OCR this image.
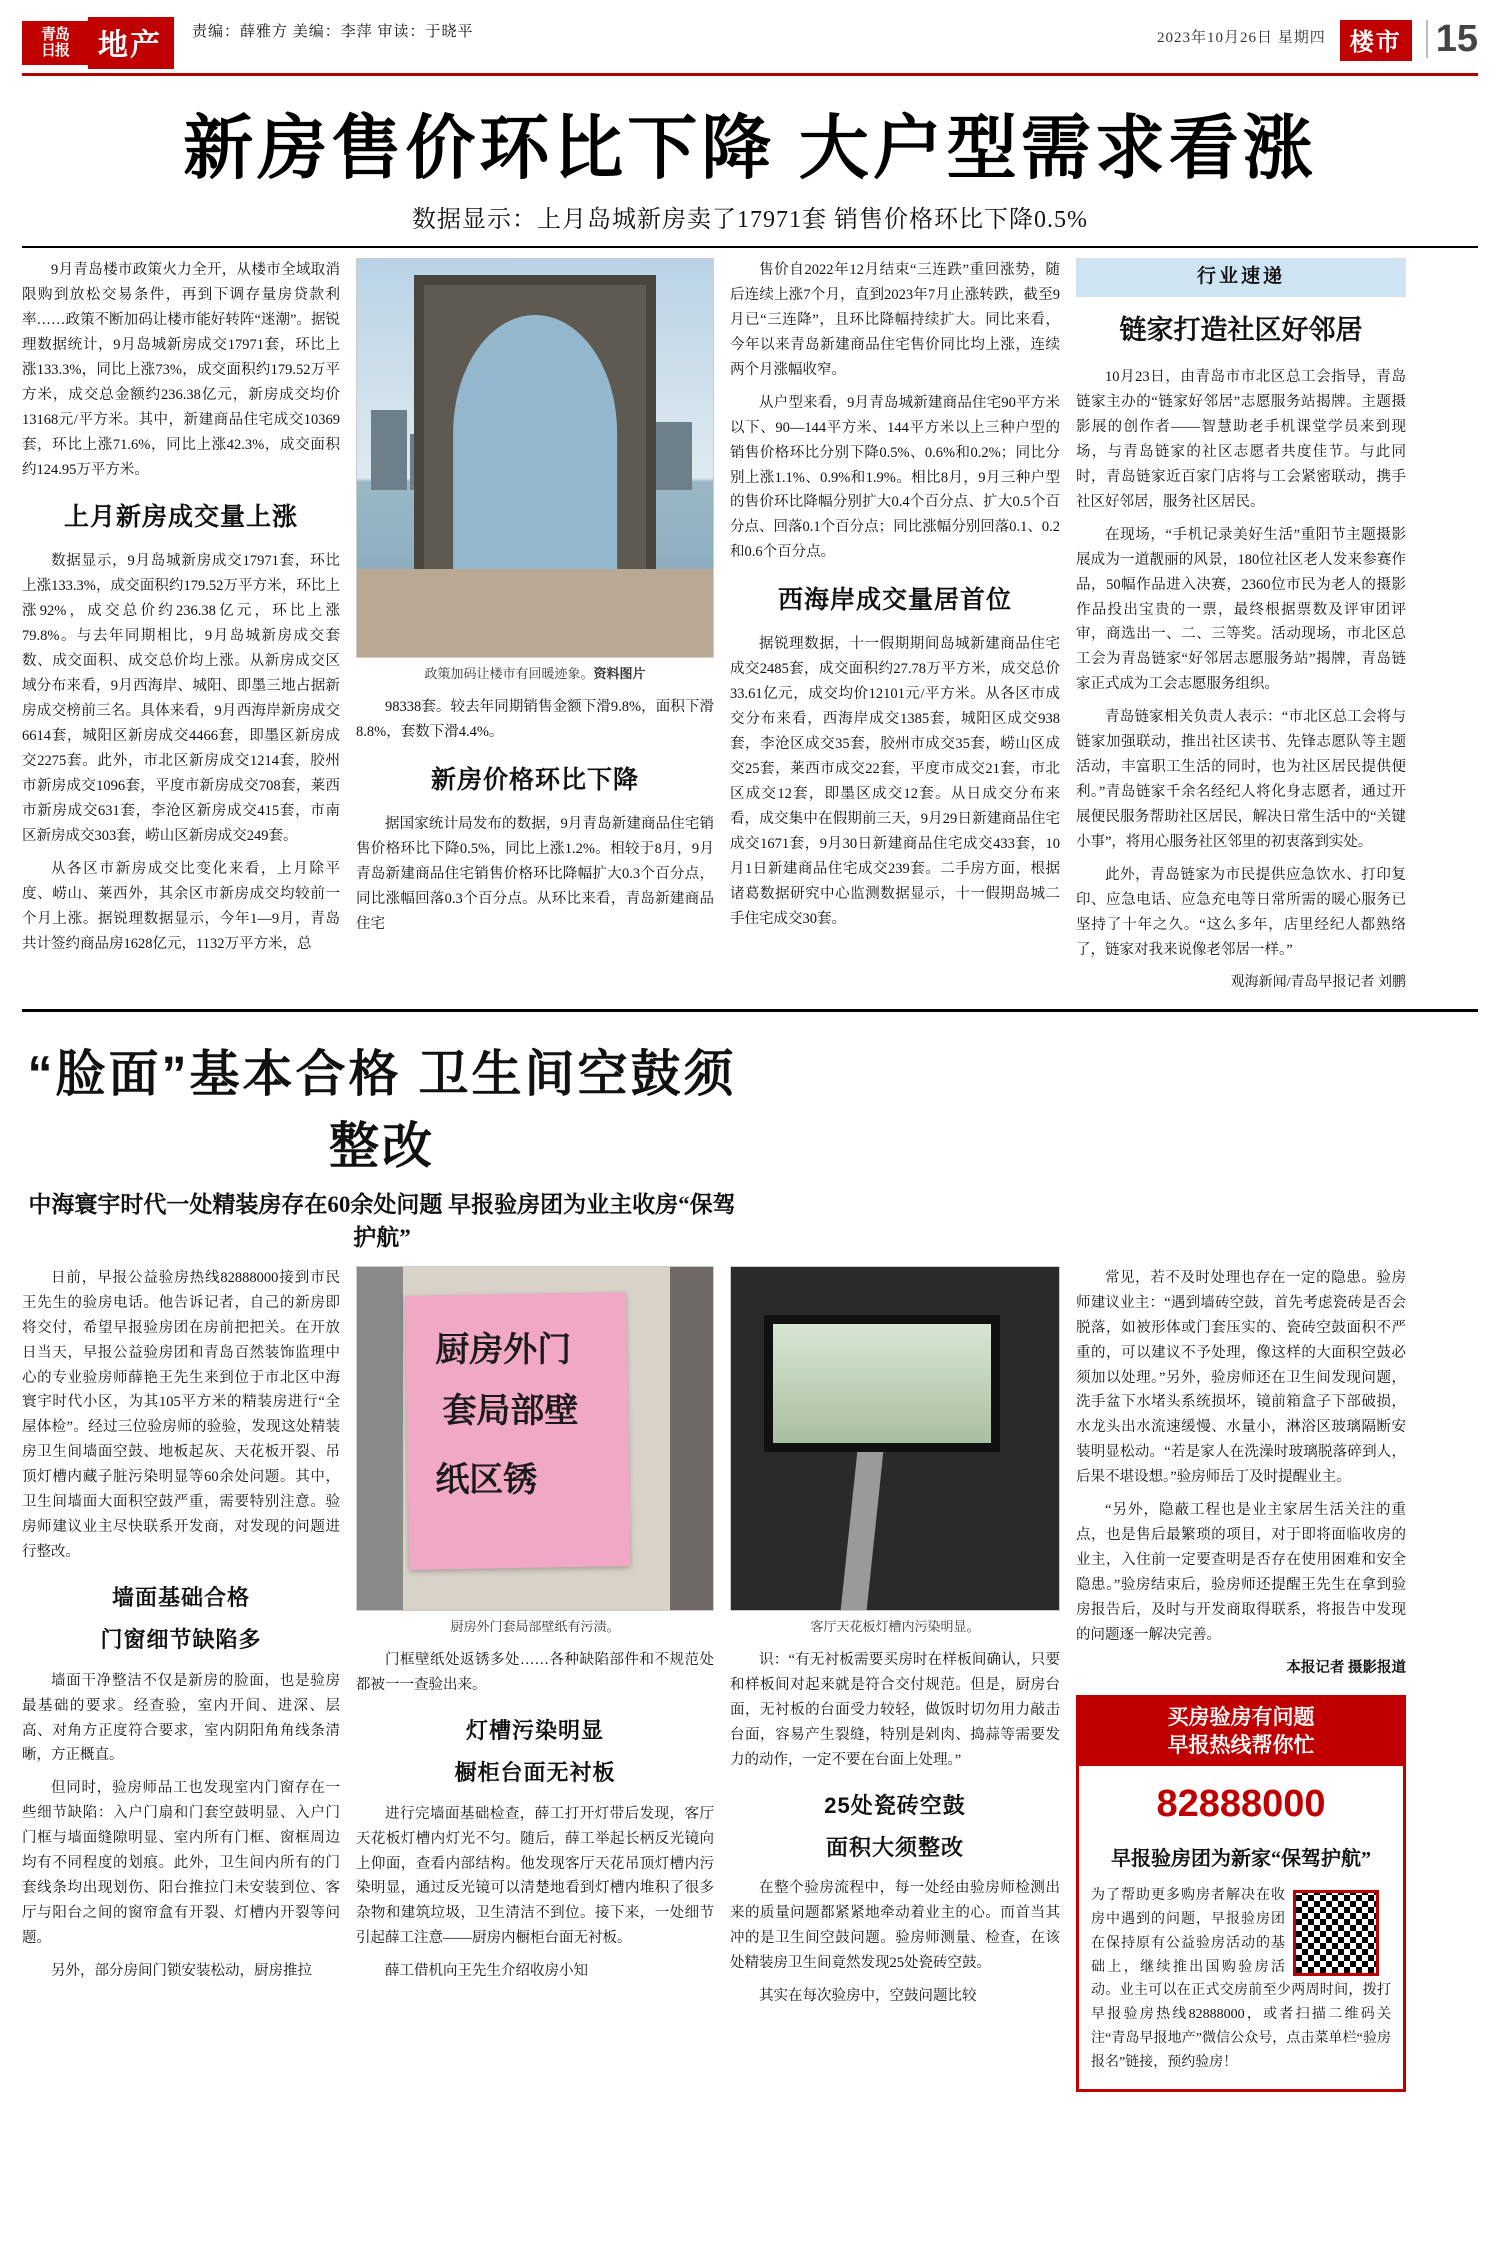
青岛
日报 地产	责编：薛雅方 美编：李萍 审读：于晓平	2023年10月26日 星期四	楼市 15
新房售价环比下降 大户型需求看涨
数据显示：上月岛城新房卖了17971套 销售价格环比下降0.5%

9月青岛楼市政策火力全开，从楼市全域取消限购到放松交易条件，再到下调存量房贷款利率……政策不断加码让楼市能好转阵“迷潮”。据锐理数据统计，9月岛城新房成交17971套，环比上涨133.3%，同比上涨73%，成交面积约179.52万平方米，成交总金额约236.38亿元，新房成交均价13168元/平方米。其中，新建商品住宅成交10369套，环比上涨71.6%，同比上涨42.3%，成交面积约124.95万平方米。

上月新房成交量上涨

数据显示，9月岛城新房成交17971套，环比上涨133.3%，成交面积约179.52万平方米，环比上涨92%，成交总价约236.38亿元，环比上涨79.8%。与去年同期相比，9月岛城新房成交套数、成交面积、成交总价均上涨。从新房成交区域分布来看，9月西海岸、城阳、即墨三地占据新房成交榜前三名。具体来看，9月西海岸新房成交6614套，城阳区新房成交4466套，即墨区新房成交2275套。此外，市北区新房成交1214套，胶州市新房成交1096套，平度市新房成交708套，莱西市新房成交631套，李沧区新房成交415套，市南区新房成交303套，崂山区新房成交249套。

从各区市新房成交比变化来看，上月除平度、崂山、莱西外，其余区市新房成交均较前一个月上涨。据锐理数据显示，今年1—9月，青岛共计签约商品房1628亿元，1132万平方米，总

政策加码让楼市有回暖迹象。资料图片

98338套。较去年同期销售金额下滑9.8%，面积下滑8.8%，套数下滑4.4%。

新房价格环比下降

据国家统计局发布的数据，9月青岛新建商品住宅销售价格环比下降0.5%，同比上涨1.2%。相较于8月，9月青岛新建商品住宅销售价格环比降幅扩大0.3个百分点，同比涨幅回落0.3个百分点。从环比来看，青岛新建商品住宅

售价自2022年12月结束“三连跌”重回涨势，随后连续上涨7个月，直到2023年7月止涨转跌，截至9月已“三连降”，且环比降幅持续扩大。同比来看，今年以来青岛新建商品住宅售价同比均上涨，连续两个月涨幅收窄。

从户型来看，9月青岛城新建商品住宅90平方米以下、90—144平方米、144平方米以上三种户型的销售价格环比分别下降0.5%、0.6%和0.2%；同比分别上涨1.1%、0.9%和1.9%。相比8月，9月三种户型的售价环比降幅分别扩大0.4个百分点、扩大0.5个百分点、回落0.1个百分点；同比涨幅分别回落0.1、0.2和0.6个百分点。

西海岸成交量居首位

据锐理数据，十一假期期间岛城新建商品住宅成交2485套，成交面积约27.78万平方米，成交总价33.61亿元，成交均价12101元/平方米。从各区市成交分布来看，西海岸成交1385套，城阳区成交938套，李沧区成交35套，胶州市成交35套，崂山区成交25套，莱西市成交22套，平度市成交21套，市北区成交12套，即墨区成交12套。从日成交分布来看，成交集中在假期前三天，9月29日新建商品住宅成交1671套，9月30日新建商品住宅成交433套，10月1日新建商品住宅成交239套。二手房方面，根据诸葛数据研究中心监测数据显示，十一假期岛城二手住宅成交30套。

行业速递
链家打造社区好邻居

10月23日，由青岛市市北区总工会指导，青岛链家主办的“链家好邻居”志愿服务站揭牌。主题摄影展的创作者——智慧助老手机课堂学员来到现场，与青岛链家的社区志愿者共度佳节。与此同时，青岛链家近百家门店将与工会紧密联动，携手社区好邻居，服务社区居民。

在现场，“手机记录美好生活”重阳节主题摄影展成为一道靓丽的风景，180位社区老人发来参赛作品，50幅作品进入决赛，2360位市民为老人的摄影作品投出宝贵的一票，最终根据票数及评审团评审，商选出一、二、三等奖。活动现场，市北区总工会为青岛链家“好邻居志愿服务站”揭牌，青岛链家正式成为工会志愿服务组织。

青岛链家相关负责人表示：“市北区总工会将与链家加强联动，推出社区读书、先锋志愿队等主题活动，丰富职工生活的同时，也为社区居民提供便利。”青岛链家千余名经纪人将化身志愿者，通过开展便民服务帮助社区居民，解决日常生活中的“关键小事”，将用心服务社区邻里的初衷落到实处。

此外，青岛链家为市民提供应急饮水、打印复印、应急电话、应急充电等日常所需的暖心服务已坚持了十年之久。“这么多年，店里经纪人都熟络了，链家对我来说像老邻居一样。”

观海新闻/青岛早报记者 刘鹏
“脸面”基本合格 卫生间空鼓须整改
中海寰宇时代一处精装房存在60余处问题 早报验房团为业主收房“保驾护航”

日前，早报公益验房热线82888000接到市民王先生的验房电话。他告诉记者，自己的新房即将交付，希望早报验房团在房前把把关。在开放日当天，早报公益验房团和青岛百然装饰监理中心的专业验房师薛艳王先生来到位于市北区中海寰宇时代小区，为其105平方米的精装房进行“全屋体检”。经过三位验房师的验验，发现这处精装房卫生间墙面空鼓、地板起灰、天花板开裂、吊顶灯槽内藏子脏污染明显等60余处问题。其中，卫生间墙面大面积空鼓严重，需要特别注意。验房师建议业主尽快联系开发商，对发现的问题进行整改。

墙面基础合格
门窗细节缺陷多

墙面干净整洁不仅是新房的脸面，也是验房最基础的要求。经查验，室内开间、进深、层高、对角方正度符合要求，室内阴阳角角线条清晰，方正概直。

但同时，验房师品工也发现室内门窗存在一些细节缺陷：入户门扇和门套空鼓明显、入户门门框与墙面缝隙明显、室内所有门框、窗框周边均有不同程度的划痕。此外，卫生间内所有的门套线条均出现划伤、阳台推拉门未安装到位、客厅与阳台之间的窗帘盒有开裂、灯槽内开裂等问题。

另外，部分房间门锁安装松动，厨房推拉

厨房外门
套局部壁
纸区锈
厨房外门套局部壁纸有污渍。

门框壁纸处返锈多处……各种缺陷部件和不规范处都被一一查验出来。

灯槽污染明显
橱柜台面无衬板

进行完墙面基础检查，薛工打开灯带后发现，客厅天花板灯槽内灯光不匀。随后，薛工举起长柄反光镜向上仰面，查看内部结构。他发现客厅天花吊顶灯槽内污染明显，通过反光镜可以清楚地看到灯槽内堆积了很多杂物和建筑垃圾，卫生清洁不到位。接下来，一处细节引起薛工注意——厨房内橱柜台面无衬板。

薛工借机向王先生介绍收房小知

客厅天花板灯槽内污染明显。

识：“有无衬板需要买房时在样板间确认，只要和样板间对起来就是符合交付规范。但是，厨房台面，无衬板的台面受力较轻，做饭时切勿用力敲击台面，容易产生裂缝，特别是剁肉、捣蒜等需要发力的动作，一定不要在台面上处理。”

25处瓷砖空鼓
面积大须整改

在整个验房流程中，每一处经由验房师检测出来的质量问题都紧紧地牵动着业主的心。而首当其冲的是卫生间空鼓问题。验房师测量、检查，在该处精装房卫生间竟然发现25处瓷砖空鼓。

其实在每次验房中，空鼓问题比较

常见，若不及时处理也存在一定的隐患。验房师建议业主：“遇到墙砖空鼓，首先考虑瓷砖是否会脱落，如被形体或门套压实的、瓷砖空鼓面积不严重的，可以建议不予处理，像这样的大面积空鼓必须加以处理。”另外，验房师还在卫生间发现问题，洗手盆下水堵头系统损坏，镜前箱盒子下部破损，水龙头出水流速缓慢、水量小，淋浴区玻璃隔断安装明显松动。“若是家人在洗澡时玻璃脱落碎到人，后果不堪设想。”验房师岳丁及时提醒业主。

“另外，隐蔽工程也是业主家居生活关注的重点，也是售后最繁琐的项目，对于即将面临收房的业主，入住前一定要查明是否存在使用困难和安全隐患。”验房结束后，验房师还提醒王先生在拿到验房报告后，及时与开发商取得联系，将报告中发现的问题逐一解决完善。

本报记者 摄影报道
买房验房有问题
早报热线帮你忙
82888000
早报验房团为新家“保驾护航”
为了帮助更多购房者解决在收房中遇到的问题，早报验房团在保持原有公益验房活动的基础上，继续推出国购验房活动。业主可以在正式交房前至少两周时间，拨打早报验房热线82888000，或者扫描二维码关注“青岛早报地产”微信公众号，点击菜单栏“验房报名”链接，预约验房！
